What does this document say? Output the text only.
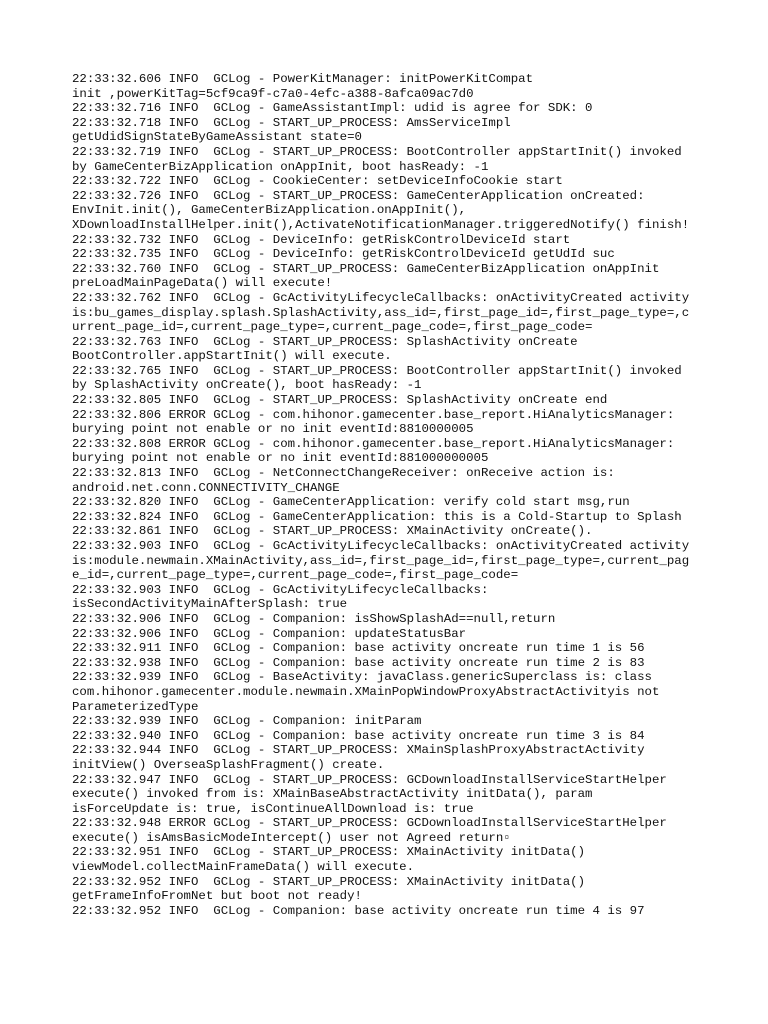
22:33:32.606 INFO  GCLog - PowerKitManager: initPowerKitCompat
init ,powerKitTag=5cf9ca9f-c7a0-4efc-a388-8afca09ac7d0
22:33:32.716 INFO  GCLog - GameAssistantImpl: udid is agree for SDK: 0
22:33:32.718 INFO  GCLog - START_UP_PROCESS: AmsServiceImpl
getUdidSignStateByGameAssistant state=0
22:33:32.719 INFO  GCLog - START_UP_PROCESS: BootController appStartInit() invoked
by GameCenterBizApplication onAppInit, boot hasReady: -1
22:33:32.722 INFO  GCLog - CookieCenter: setDeviceInfoCookie start
22:33:32.726 INFO  GCLog - START_UP_PROCESS: GameCenterApplication onCreated:
EnvInit.init(), GameCenterBizApplication.onAppInit(),
XDownloadInstallHelper.init(),ActivateNotificationManager.triggeredNotify() finish!
22:33:32.732 INFO  GCLog - DeviceInfo: getRiskControlDeviceId start
22:33:32.735 INFO  GCLog - DeviceInfo: getRiskControlDeviceId getUdId suc
22:33:32.760 INFO  GCLog - START_UP_PROCESS: GameCenterBizApplication onAppInit
preLoadMainPageData() will execute!
22:33:32.762 INFO  GCLog - GcActivityLifecycleCallbacks: onActivityCreated activity
is:bu_games_display.splash.SplashActivity,ass_id=,first_page_id=,first_page_type=,c
urrent_page_id=,current_page_type=,current_page_code=,first_page_code=
22:33:32.763 INFO  GCLog - START_UP_PROCESS: SplashActivity onCreate
BootController.appStartInit() will execute.
22:33:32.765 INFO  GCLog - START_UP_PROCESS: BootController appStartInit() invoked
by SplashActivity onCreate(), boot hasReady: -1
22:33:32.805 INFO  GCLog - START_UP_PROCESS: SplashActivity onCreate end
22:33:32.806 ERROR GCLog - com.hihonor.gamecenter.base_report.HiAnalyticsManager:
burying point not enable or no init eventId:8810000005
22:33:32.808 ERROR GCLog - com.hihonor.gamecenter.base_report.HiAnalyticsManager:
burying point not enable or no init eventId:881000000005
22:33:32.813 INFO  GCLog - NetConnectChangeReceiver: onReceive action is:
android.net.conn.CONNECTIVITY_CHANGE
22:33:32.820 INFO  GCLog - GameCenterApplication: verify cold start msg,run
22:33:32.824 INFO  GCLog - GameCenterApplication: this is a Cold-Startup to Splash
22:33:32.861 INFO  GCLog - START_UP_PROCESS: XMainActivity onCreate().
22:33:32.903 INFO  GCLog - GcActivityLifecycleCallbacks: onActivityCreated activity
is:module.newmain.XMainActivity,ass_id=,first_page_id=,first_page_type=,current_pag
e_id=,current_page_type=,current_page_code=,first_page_code=
22:33:32.903 INFO  GCLog - GcActivityLifecycleCallbacks:
isSecondActivityMainAfterSplash: true
22:33:32.906 INFO  GCLog - Companion: isShowSplashAd==null,return
22:33:32.906 INFO  GCLog - Companion: updateStatusBar
22:33:32.911 INFO  GCLog - Companion: base activity oncreate run time 1 is 56
22:33:32.938 INFO  GCLog - Companion: base activity oncreate run time 2 is 83
22:33:32.939 INFO  GCLog - BaseActivity: javaClass.genericSuperclass is: class
com.hihonor.gamecenter.module.newmain.XMainPopWindowProxyAbstractActivityis not
ParameterizedType
22:33:32.939 INFO  GCLog - Companion: initParam
22:33:32.940 INFO  GCLog - Companion: base activity oncreate run time 3 is 84
22:33:32.944 INFO  GCLog - START_UP_PROCESS: XMainSplashProxyAbstractActivity
initView() OverseaSplashFragment() create.
22:33:32.947 INFO  GCLog - START_UP_PROCESS: GCDownloadInstallServiceStartHelper
execute() invoked from is: XMainBaseAbstractActivity initData(), param
isForceUpdate is: true, isContinueAllDownload is: true
22:33:32.948 ERROR GCLog - START_UP_PROCESS: GCDownloadInstallServiceStartHelper
execute() isAmsBasicModeIntercept() user not Agreed return⁠▫
22:33:32.951 INFO  GCLog - START_UP_PROCESS: XMainActivity initData()
viewModel.collectMainFrameData() will execute.
22:33:32.952 INFO  GCLog - START_UP_PROCESS: XMainActivity initData()
getFrameInfoFromNet but boot not ready!
22:33:32.952 INFO  GCLog - Companion: base activity oncreate run time 4 is 97
